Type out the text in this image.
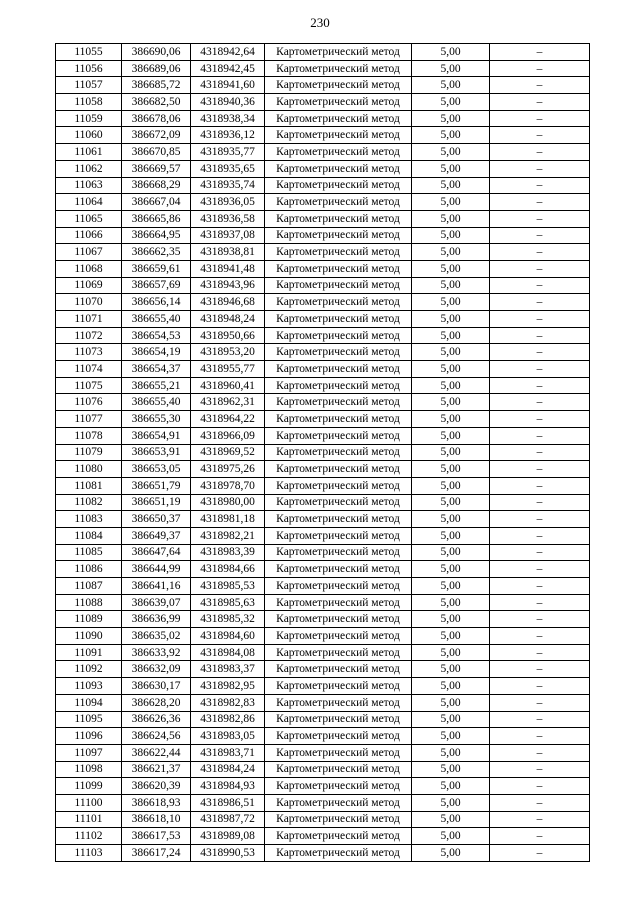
230
11055	386690,06	4318942,64	Картометрический метод	5,00	–
11056	386689,06	4318942,45	Картометрический метод	5,00	–
11057	386685,72	4318941,60	Картометрический метод	5,00	–
11058	386682,50	4318940,36	Картометрический метод	5,00	–
11059	386678,06	4318938,34	Картометрический метод	5,00	–
11060	386672,09	4318936,12	Картометрический метод	5,00	–
11061	386670,85	4318935,77	Картометрический метод	5,00	–
11062	386669,57	4318935,65	Картометрический метод	5,00	–
11063	386668,29	4318935,74	Картометрический метод	5,00	–
11064	386667,04	4318936,05	Картометрический метод	5,00	–
11065	386665,86	4318936,58	Картометрический метод	5,00	–
11066	386664,95	4318937,08	Картометрический метод	5,00	–
11067	386662,35	4318938,81	Картометрический метод	5,00	–
11068	386659,61	4318941,48	Картометрический метод	5,00	–
11069	386657,69	4318943,96	Картометрический метод	5,00	–
11070	386656,14	4318946,68	Картометрический метод	5,00	–
11071	386655,40	4318948,24	Картометрический метод	5,00	–
11072	386654,53	4318950,66	Картометрический метод	5,00	–
11073	386654,19	4318953,20	Картометрический метод	5,00	–
11074	386654,37	4318955,77	Картометрический метод	5,00	–
11075	386655,21	4318960,41	Картометрический метод	5,00	–
11076	386655,40	4318962,31	Картометрический метод	5,00	–
11077	386655,30	4318964,22	Картометрический метод	5,00	–
11078	386654,91	4318966,09	Картометрический метод	5,00	–
11079	386653,91	4318969,52	Картометрический метод	5,00	–
11080	386653,05	4318975,26	Картометрический метод	5,00	–
11081	386651,79	4318978,70	Картометрический метод	5,00	–
11082	386651,19	4318980,00	Картометрический метод	5,00	–
11083	386650,37	4318981,18	Картометрический метод	5,00	–
11084	386649,37	4318982,21	Картометрический метод	5,00	–
11085	386647,64	4318983,39	Картометрический метод	5,00	–
11086	386644,99	4318984,66	Картометрический метод	5,00	–
11087	386641,16	4318985,53	Картометрический метод	5,00	–
11088	386639,07	4318985,63	Картометрический метод	5,00	–
11089	386636,99	4318985,32	Картометрический метод	5,00	–
11090	386635,02	4318984,60	Картометрический метод	5,00	–
11091	386633,92	4318984,08	Картометрический метод	5,00	–
11092	386632,09	4318983,37	Картометрический метод	5,00	–
11093	386630,17	4318982,95	Картометрический метод	5,00	–
11094	386628,20	4318982,83	Картометрический метод	5,00	–
11095	386626,36	4318982,86	Картометрический метод	5,00	–
11096	386624,56	4318983,05	Картометрический метод	5,00	–
11097	386622,44	4318983,71	Картометрический метод	5,00	–
11098	386621,37	4318984,24	Картометрический метод	5,00	–
11099	386620,39	4318984,93	Картометрический метод	5,00	–
11100	386618,93	4318986,51	Картометрический метод	5,00	–
11101	386618,10	4318987,72	Картометрический метод	5,00	–
11102	386617,53	4318989,08	Картометрический метод	5,00	–
11103	386617,24	4318990,53	Картометрический метод	5,00	–
